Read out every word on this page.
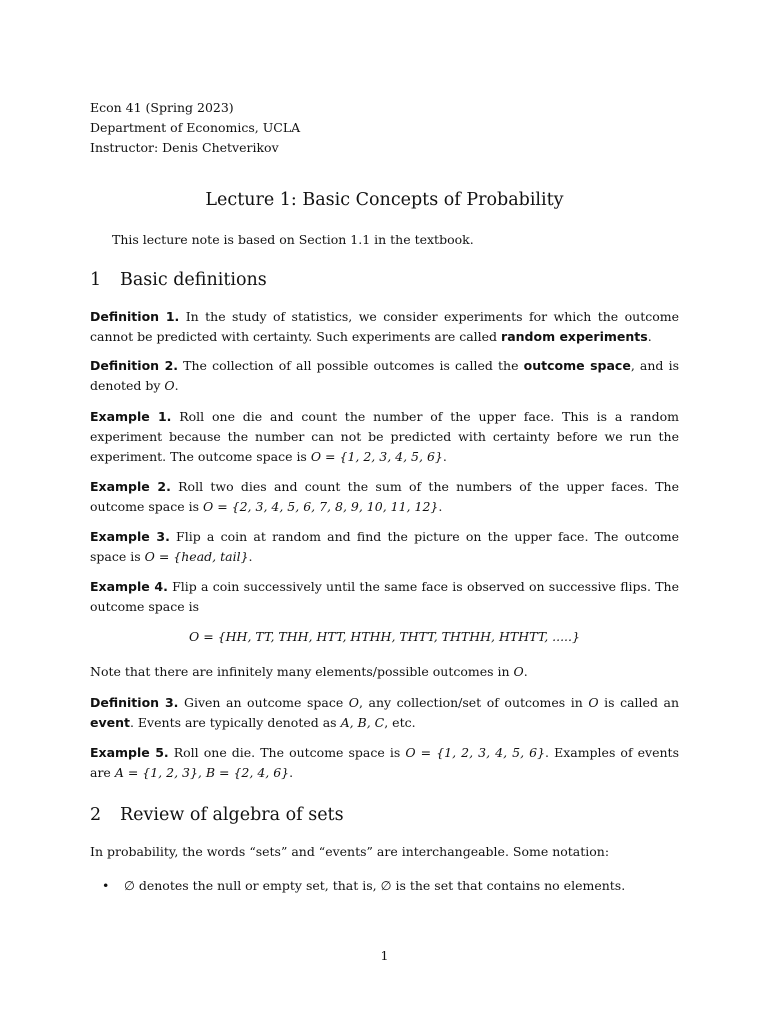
Econ 41 (Spring 2023)
Department of Economics, UCLA
Instructor: Denis Chetverikov
Lecture 1: Basic Concepts of Probability
This lecture note is based on Section 1.1 in the textbook.
1 Basic definitions
Definition 1. In the study of statistics, we consider experiments for which the outcome cannot be predicted with certainty. Such experiments are called random experiments.
Definition 2. The collection of all possible outcomes is called the outcome space, and is denoted by O.
Example 1. Roll one die and count the number of the upper face. This is a random experiment because the number can not be predicted with certainty before we run the experiment. The outcome space is O = {1, 2, 3, 4, 5, 6}.
Example 2. Roll two dies and count the sum of the numbers of the upper faces. The outcome space is O = {2, 3, 4, 5, 6, 7, 8, 9, 10, 11, 12}.
Example 3. Flip a coin at random and find the picture on the upper face. The outcome space is O = {head, tail}.
Example 4. Flip a coin successively until the same face is observed on successive flips. The outcome space is
O = {HH, TT, THH, HTT, HTHH, THTT, THTHH, HTHTT, .....}
Note that there are infinitely many elements/possible outcomes in O.
Definition 3. Given an outcome space O, any collection/set of outcomes in O is called an event. Events are typically denoted as A, B, C, etc.
Example 5. Roll one die. The outcome space is O = {1, 2, 3, 4, 5, 6}. Examples of events are A = {1, 2, 3}, B = {2, 4, 6}.
2 Review of algebra of sets
In probability, the words “sets” and “events” are interchangeable. Some notation:
• ∅ denotes the null or empty set, that is, ∅ is the set that contains no elements.
1
